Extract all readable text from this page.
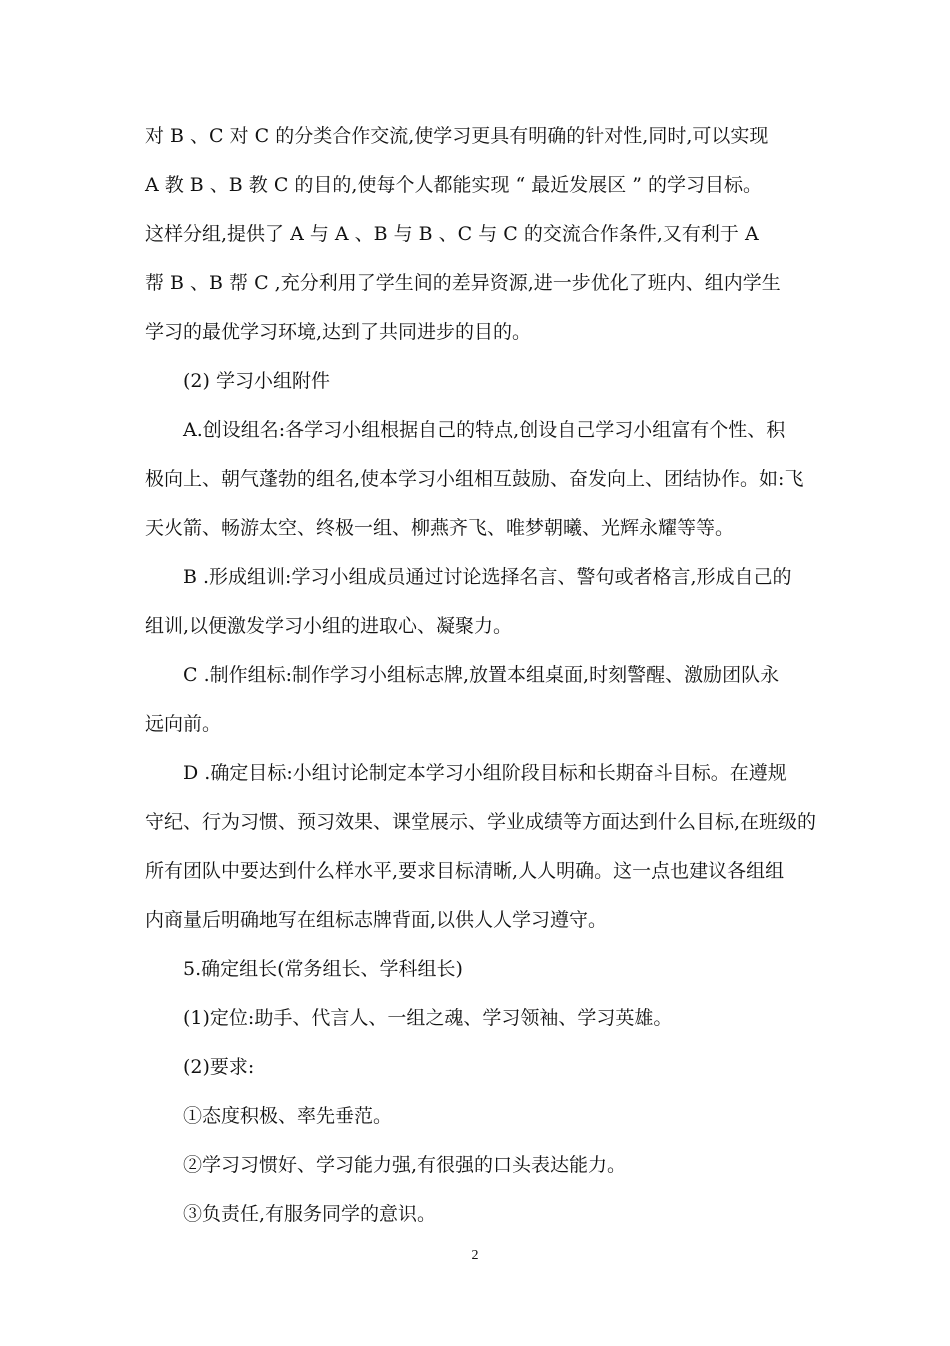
对 B 、C 对 C 的分类合作交流,使学习更具有明确的针对性,同时,可以实现
A 教 B 、B 教 C 的目的,使每个人都能实现 “ 最近发展区 ” 的学习目标。
这样分组,提供了 A 与 A 、B 与 B 、C 与 C 的交流合作条件,又有利于 A
帮 B 、B 帮 C ,充分利用了学生间的差异资源,进一步优化了班内、组内学生
学习的最优学习环境,达到了共同进步的目的。
(2) 学习小组附件
A.创设组名:各学习小组根据自己的特点,创设自己学习小组富有个性、积
极向上、朝气蓬勃的组名,使本学习小组相互鼓励、奋发向上、团结协作。如:飞
天火箭、畅游太空、终极一组、柳燕齐飞、唯梦朝曦、光辉永耀等等。
B .形成组训:学习小组成员通过讨论选择名言、警句或者格言,形成自己的
组训,以便激发学习小组的进取心、凝聚力。
C .制作组标:制作学习小组标志牌,放置本组桌面,时刻警醒、激励团队永
远向前。
D .确定目标:小组讨论制定本学习小组阶段目标和长期奋斗目标。在遵规
守纪、行为习惯、预习效果、课堂展示、学业成绩等方面达到什么目标,在班级的
所有团队中要达到什么样水平,要求目标清晰,人人明确。这一点也建议各组组
内商量后明确地写在组标志牌背面,以供人人学习遵守。
5.确定组长(常务组长、学科组长)
(1)定位:助手、代言人、一组之魂、学习领袖、学习英雄。
(2)要求:
①态度积极、率先垂范。
②学习习惯好、学习能力强,有很强的口头表达能力。
③负责任,有服务同学的意识。
2
